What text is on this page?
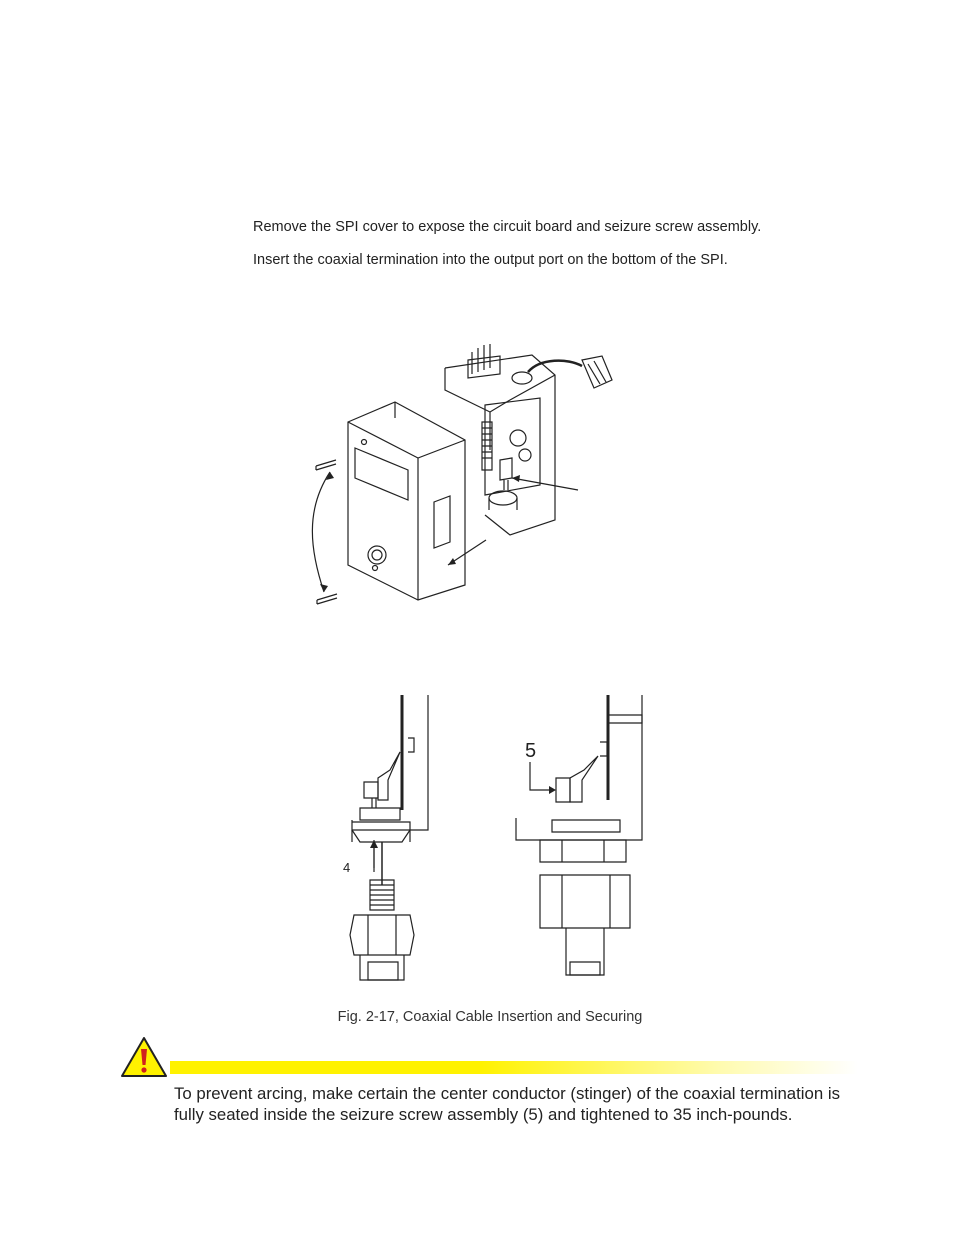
Remove the SPI cover to expose the circuit board and seizure screw assembly.
Insert the coaxial termination into the output port on the bottom of the SPI.
4
5
Fig. 2-17, Coaxial Cable Insertion and Securing
To prevent arcing, make certain the center conductor (stinger) of the coaxial termination is fully seated inside the seizure screw assembly (5) and tightened to 35 inch-pounds.
